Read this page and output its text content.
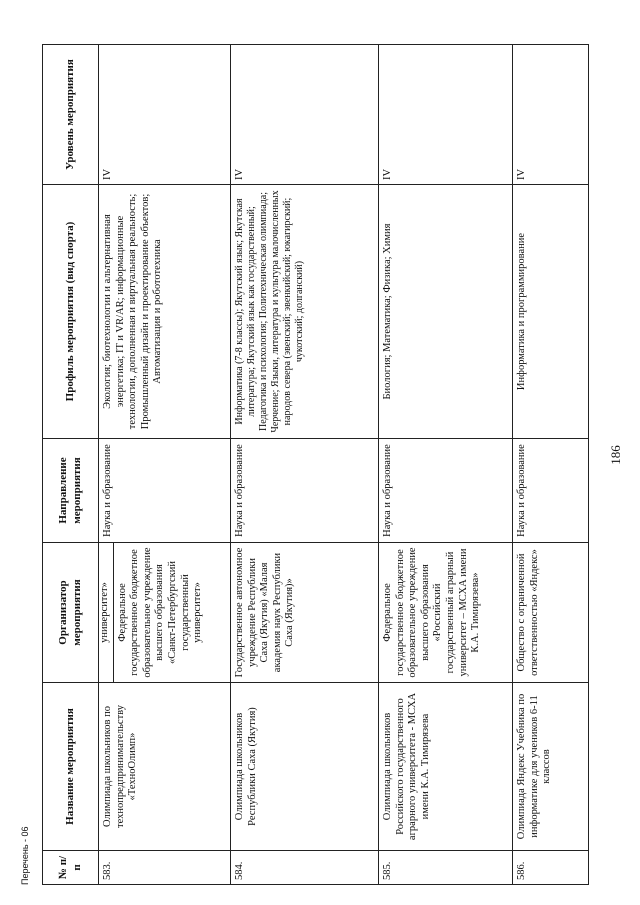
Перечень - 06 № п/п	Название мероприятия	Организатор мероприятия	Направление мероприятия	Профиль мероприятия (вид спорта)	Уровень мероприятия
583.	Олимпиада школьников по технопредпринимательству «ТехноОлимп»	университет» Федеральное государственное бюджетное образовательное учреждение высшего образования «Санкт-Петербургский государственный университет»	Наука и образование	Экология; биотехнологии и альтернативная энергетика; IT и VR/AR; информационные технологии, дополненная и виртуальная реальность; Промышленный дизайн и проектирование объектов; Автоматизация и робототехника	IV
584.	Олимпиада школьников Республики Саха (Якутия)	Государственное автономное учреждение Республики Саха (Якутия) «Малая академия наук Республики Саха (Якутия)»	Наука и образование	Информатика (7-8 классы); Якутский язык; Якутская литература; Якутский язык как государственный; Педагогика и психология; Политехническая олимпиада; Черчение; Языки, литература и культура малочисленных народов севера (эвенский; эвенкийский; юкагирский; чукотский; долганский)	IV
585.	Олимпиада школьников Российского государственного аграрного университета - МСХА имени К.А. Тимирязева	Федеральное государственное бюджетное образовательное учреждение высшего образования «Российский государственный аграрный университет – МСХА имени К.А. Тимирязева»	Наука и образование	Биология; Математика; Физика; Химия	IV
586.	Олимпиада Яндекс Учебника по информатике для учеников 6-11 классов	Общество с ограниченной ответственностью «Яндекс»	Наука и образование	Информатика и программирование	IV
186
